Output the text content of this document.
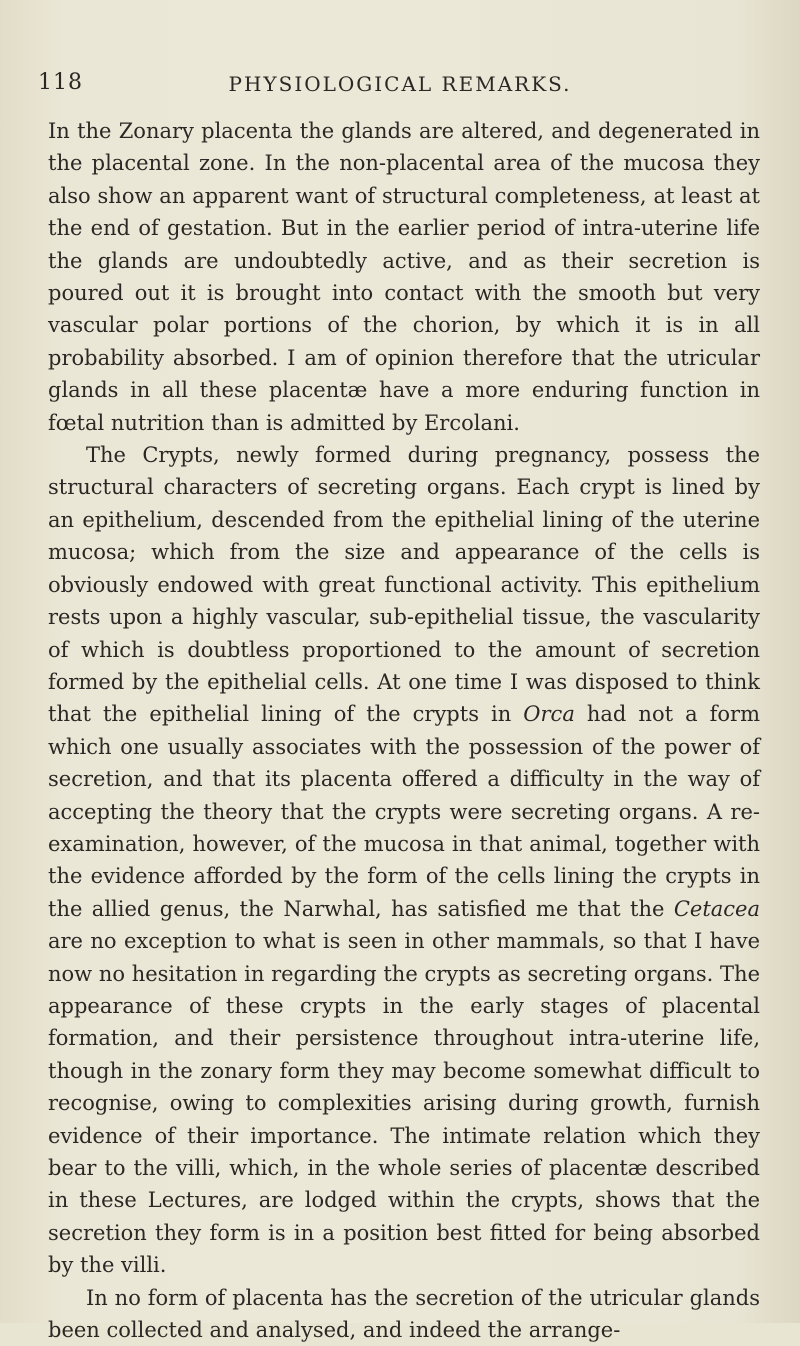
118	PHYSIOLOGICAL REMARKS.

In the Zonary placenta the glands are altered, and degenerated in the placental zone. In the non-placental area of the mucosa they also show an apparent want of structural completeness, at least at the end of gestation. But in the earlier period of intra-uterine life the glands are undoubtedly active, and as their secretion is poured out it is brought into contact with the smooth but very vascular polar portions of the chorion, by which it is in all probability absorbed. I am of opinion therefore that the utricular glands in all these placentæ have a more enduring function in fœtal nutrition than is admitted by Ercolani.

The Crypts, newly formed during pregnancy, possess the structural characters of secreting organs. Each crypt is lined by an epithelium, descended from the epithelial lining of the uterine mucosa; which from the size and appearance of the cells is obviously endowed with great functional activity. This epithelium rests upon a highly vascular, sub-epithelial tissue, the vascularity of which is doubtless proportioned to the amount of secretion formed by the epithelial cells. At one time I was disposed to think that the epithelial lining of the crypts in Orca had not a form which one usually associates with the possession of the power of secretion, and that its placenta offered a difficulty in the way of accepting the theory that the crypts were secreting organs. A re-examination, however, of the mucosa in that animal, together with the evidence afforded by the form of the cells lining the crypts in the allied genus, the Narwhal, has satisfied me that the Cetacea are no exception to what is seen in other mammals, so that I have now no hesitation in regarding the crypts as secreting organs. The appearance of these crypts in the early stages of placental formation, and their persistence throughout intra-uterine life, though in the zonary form they may become somewhat difficult to recognise, owing to complexities arising during growth, furnish evidence of their importance. The intimate relation which they bear to the villi, which, in the whole series of placentæ described in these Lectures, are lodged within the crypts, shows that the secretion they form is in a position best fitted for being absorbed by the villi.

In no form of placenta has the secretion of the utricular glands been collected and analysed, and indeed the arrange-
